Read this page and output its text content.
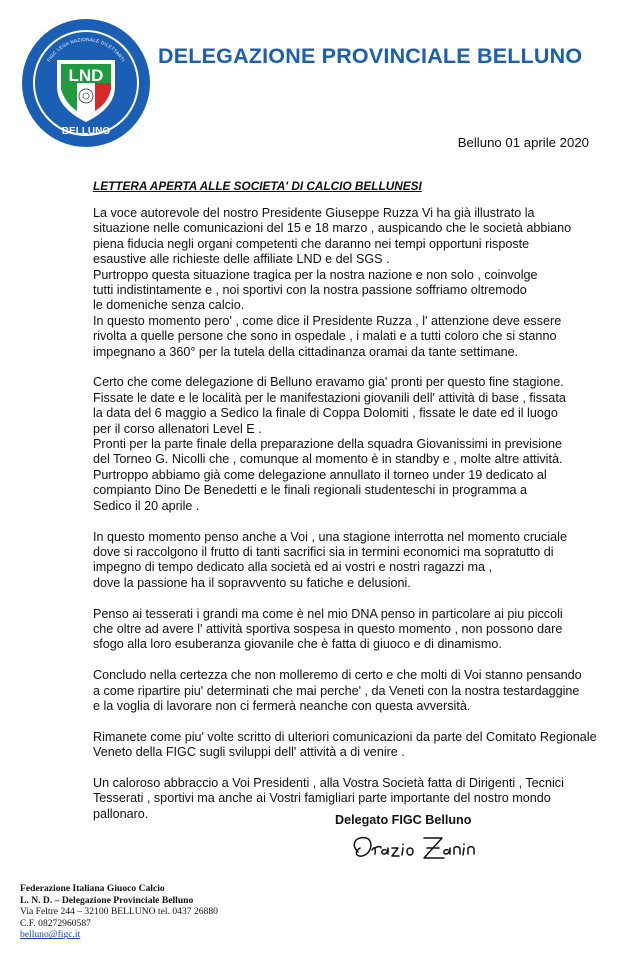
FIGC LEGA NAZIONALE DILETTANTI
LND
BELLUNO
DELEGAZIONE PROVINCIALE BELLUNO
Belluno 01 aprile 2020
LETTERA APERTA ALLE SOCIETA' DI CALCIO BELLUNESI
La voce autorevole del nostro Presidente Giuseppe Ruzza Vi ha già illustrato la
situazione nelle comunicazioni del 15 e 18 marzo , auspicando che le società abbiano
piena fiducia negli organi competenti che daranno nei tempi opportuni risposte
esaustive alle richieste delle affiliate LND e del SGS .
Purtroppo questa situazione tragica per la nostra nazione e non solo , coinvolge
tutti indistintamente e , noi sportivi con la nostra passione soffriamo oltremodo
le domeniche senza calcio.
In questo momento pero' , come dice il Presidente Ruzza , l' attenzione deve essere
rivolta a quelle persone che sono in ospedale , i malati e a tutti coloro che si stanno
impegnano a 360° per la tutela della cittadinanza oramai da tante settimane.
Certo che come delegazione di Belluno eravamo gia' pronti per questo fine stagione.
Fissate le date e le località per le manifestazioni giovanili dell' attività di base , fissata
la data del 6 maggio a Sedico la finale di Coppa Dolomiti , fissate le date ed il luogo
per il corso allenatori Level E .
Pronti per la parte finale della preparazione della squadra Giovanissimi in previsione
del Torneo G. Nicolli che , comunque al momento è in standby e , molte altre attività.
Purtroppo abbiamo già come delegazione annullato il torneo under 19 dedicato al
compianto Dino De Benedetti e le finali regionali studenteschi in programma a
Sedico il 20 aprile .
In questo momento penso anche a Voi , una stagione interrotta nel momento cruciale
dove si raccolgono il frutto di tanti sacrifici sia in termini economici ma sopratutto di
impegno di tempo dedicato alla società ed ai vostri e nostri ragazzi ma ,
dove la passione ha il sopravvento su fatiche e delusioni.
Penso ai tesserati i grandi ma come è nel mio DNA penso in particolare ai piu piccoli
che oltre ad avere l' attività sportiva sospesa in questo momento , non possono dare
sfogo alla loro esuberanza giovanile che è fatta di giuoco e di dinamismo.
Concludo nella certezza che non molleremo di certo e che molti di Voi stanno pensando
a come ripartire piu' determinati che mai perche' , da Veneti con la nostra testardaggine
e la voglia di lavorare non ci fermerà neanche con questa avversità.
Rimanete come piu' volte scritto di ulteriori comunicazioni da parte del Comitato Regionale
Veneto della FIGC sugli sviluppi dell' attività a di venire .
Un caloroso abbraccio a Voi Presidenti , alla Vostra Società fatta di Dirigenti , Tecnici
Tesserati , sportivi ma anche ai Vostri famigliari parte importante del nostro mondo
pallonaro.	Delegato FIGC Belluno
Federazione Italiana Giuoco Calcio
L. N. D. – Delegazione Provinciale Belluno
Via Feltre 244 – 32100 BELLUNO tel. 0437 26880
C.F. 08272960587
belluno@figc.it
